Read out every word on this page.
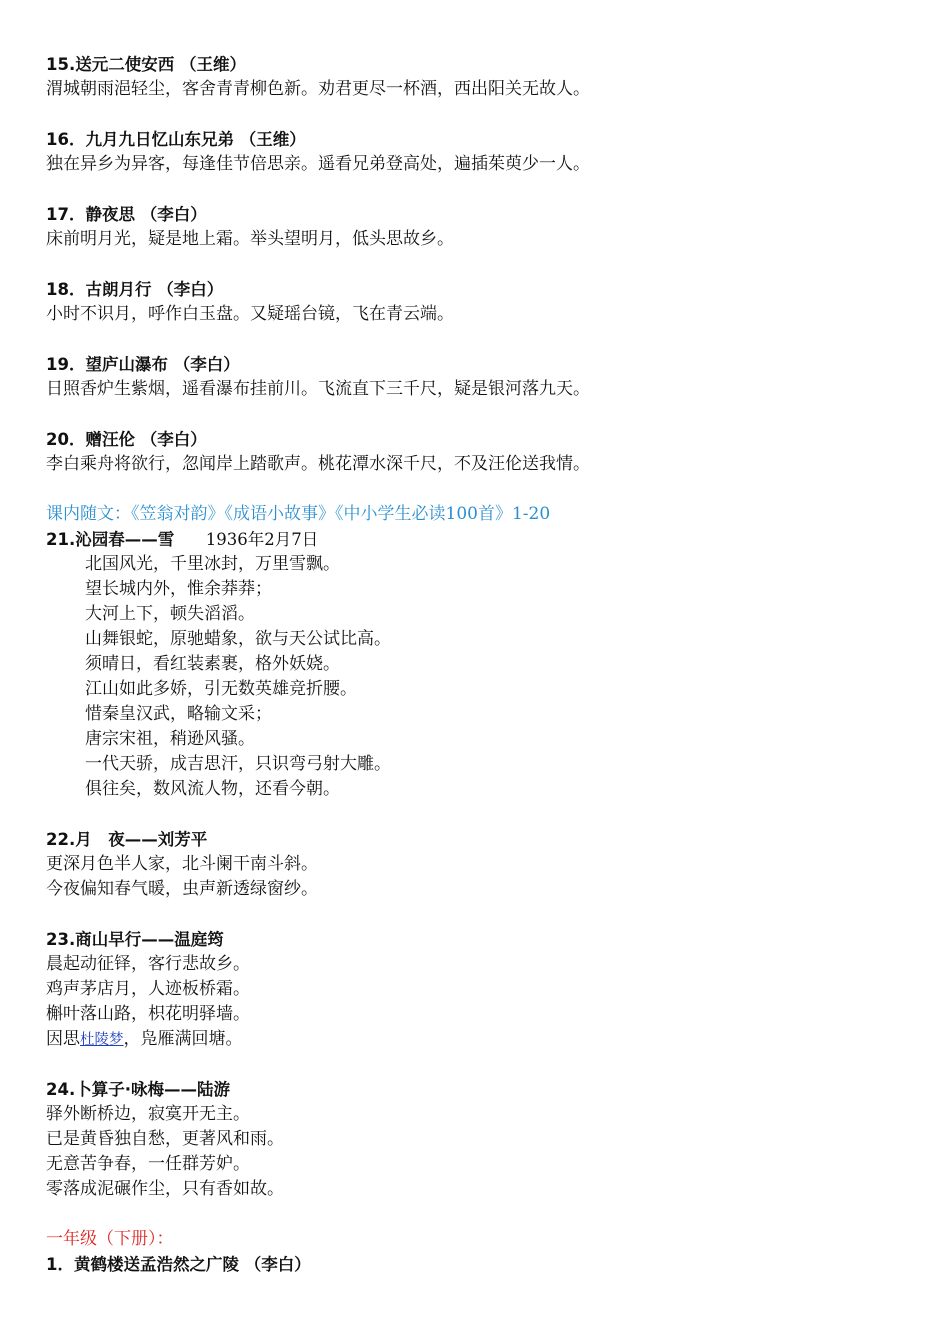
15.送元二使安西 （王维）
渭城朝雨浥轻尘，客舍青青柳色新。劝君更尽一杯酒，西出阳关无故人。
16．九月九日忆山东兄弟 （王维）
独在异乡为异客，每逢佳节倍思亲。遥看兄弟登高处，遍插茱萸少一人。
17．静夜思 （李白）
床前明月光，疑是地上霜。举头望明月，低头思故乡。
18．古朗月行 （李白）
小时不识月，呼作白玉盘。又疑瑶台镜，飞在青云端。
19．望庐山瀑布 （李白）
日照香炉生紫烟，遥看瀑布挂前川。飞流直下三千尺，疑是银河落九天。
20．赠汪伦 （李白）
李白乘舟将欲行，忽闻岸上踏歌声。桃花潭水深千尺，不及汪伦送我情。
课内随文：《笠翁对韵》《成语小故事》《中小学生必读100首》1-20
21.沁园春——雪 1936年2月7日
北国风光，千里冰封，万里雪飘。
望长城内外，惟余莽莽；
大河上下，顿失滔滔。
山舞银蛇，原驰蜡象，欲与天公试比高。
须晴日，看红装素裹，格外妖娆。
江山如此多娇，引无数英雄竞折腰。
惜秦皇汉武，略输文采；
唐宗宋祖，稍逊风骚。
一代天骄，成吉思汗，只识弯弓射大雕。
俱往矣，数风流人物，还看今朝。
22.月　夜——刘芳平
更深月色半人家，北斗阑干南斗斜。
今夜偏知春气暖，虫声新透绿窗纱。
23.商山早行——温庭筠
晨起动征铎，客行悲故乡。
鸡声茅店月，人迹板桥霜。
槲叶落山路，枳花明驿墙。
因思杜陵梦，凫雁满回塘。
24.卜算子·咏梅——陆游
驿外断桥边，寂寞开无主。
已是黄昏独自愁，更著风和雨。
无意苦争春，一任群芳妒。
零落成泥碾作尘，只有香如故。
一年级（下册）：
1．黄鹤楼送孟浩然之广陵 （李白）
